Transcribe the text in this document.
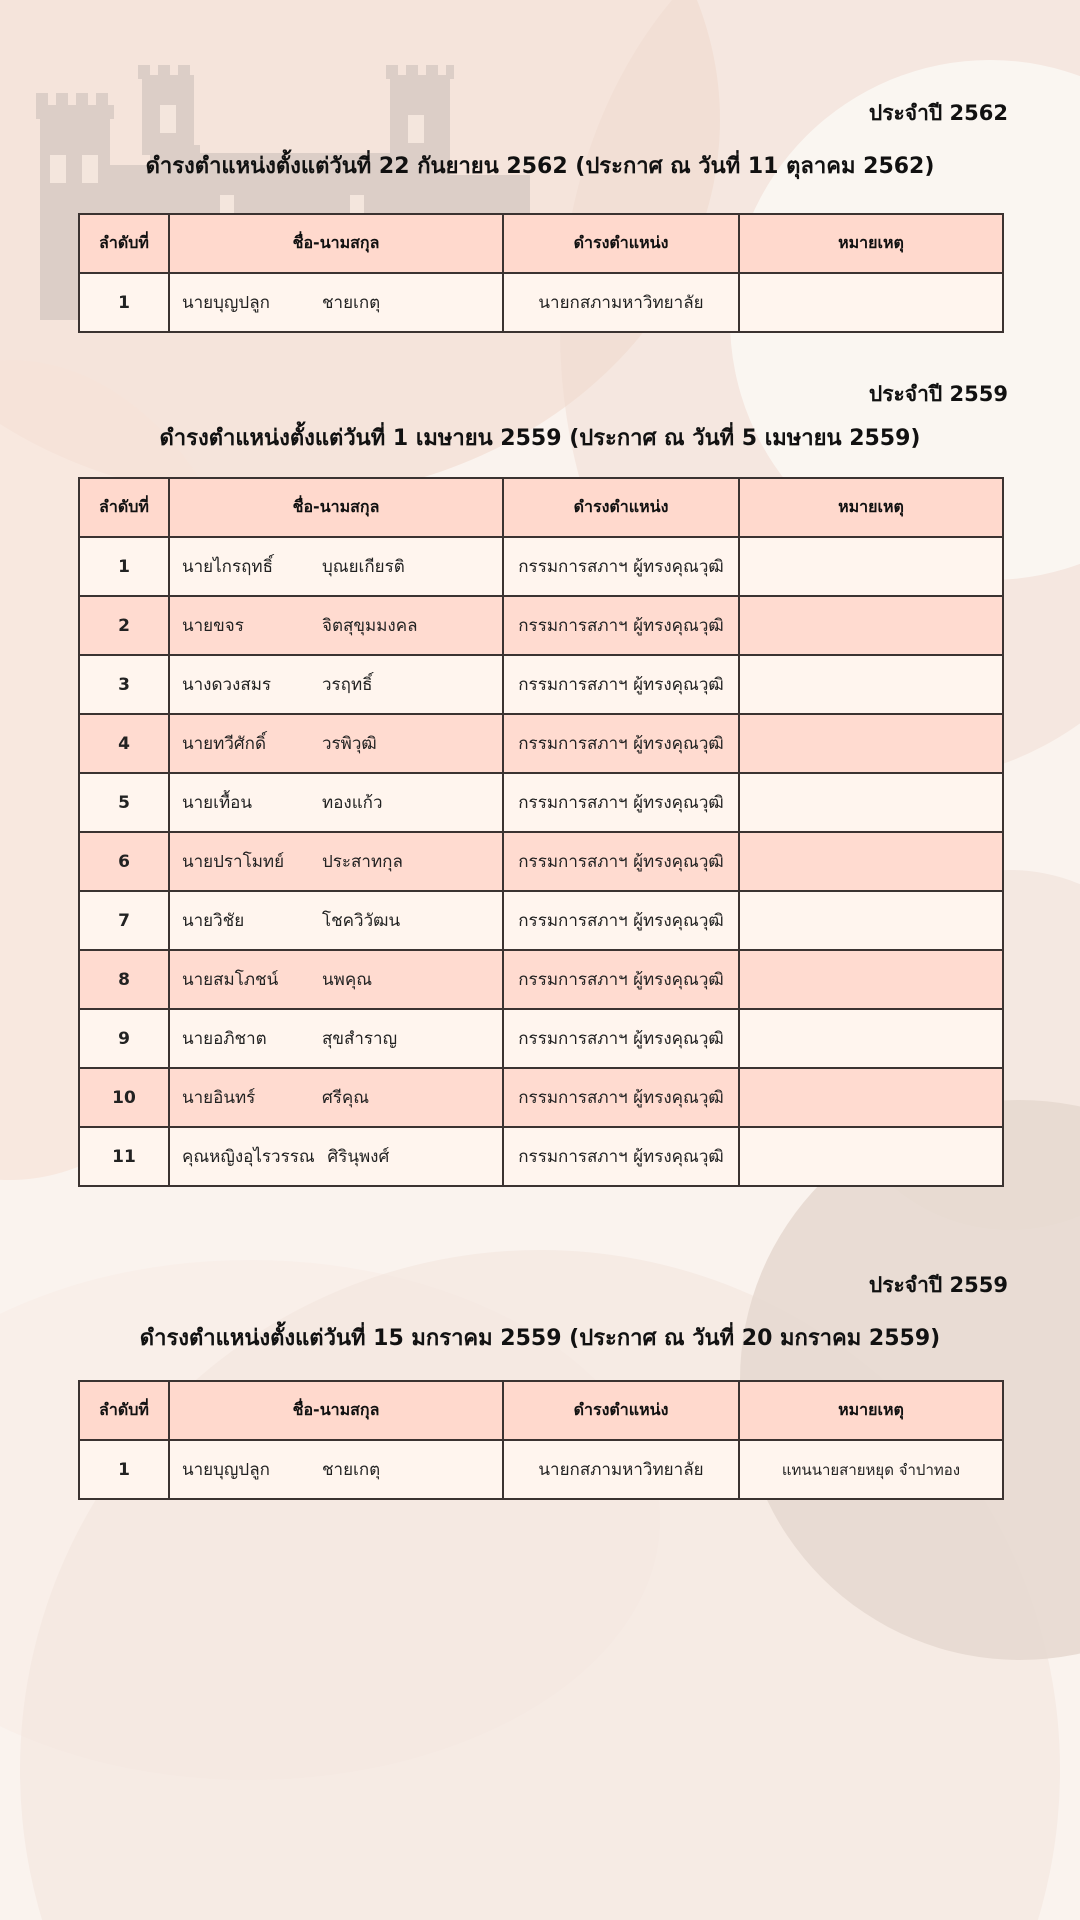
ประจำปี 2562
ดำรงตำแหน่งตั้งแต่วันที่ 22 กันยายน 2562 (ประกาศ ณ วันที่ 11 ตุลาคม 2562)
ลำดับที่	ชื่อ-นามสกุล	ดำรงตำแหน่ง	หมายเหตุ
1	นายบุญปลูก ชายเกตุ	นายกสภามหาวิทยาลัย	
ประจำปี 2559
ดำรงตำแหน่งตั้งแต่วันที่ 1 เมษายน 2559 (ประกาศ ณ วันที่ 5 เมษายน 2559)
ลำดับที่	ชื่อ-นามสกุล	ดำรงตำแหน่ง	หมายเหตุ
1	นายไกรฤทธิ์ บุณยเกียรติ	กรรมการสภาฯ ผู้ทรงคุณวุฒิ	
2	นายขจร จิตสุขุมมงคล	กรรมการสภาฯ ผู้ทรงคุณวุฒิ	
3	นางดวงสมร วรฤทธิ์	กรรมการสภาฯ ผู้ทรงคุณวุฒิ	
4	นายทวีศักดิ์ วรพิวุฒิ	กรรมการสภาฯ ผู้ทรงคุณวุฒิ	
5	นายเทื้อน ทองแก้ว	กรรมการสภาฯ ผู้ทรงคุณวุฒิ	
6	นายปราโมทย์ ประสาทกุล	กรรมการสภาฯ ผู้ทรงคุณวุฒิ	
7	นายวิชัย โชควิวัฒน	กรรมการสภาฯ ผู้ทรงคุณวุฒิ	
8	นายสมโภชน์ นพคุณ	กรรมการสภาฯ ผู้ทรงคุณวุฒิ	
9	นายอภิชาต สุขสำราญ	กรรมการสภาฯ ผู้ทรงคุณวุฒิ	
10	นายอินทร์ ศรีคุณ	กรรมการสภาฯ ผู้ทรงคุณวุฒิ	
11	คุณหญิงอุไรวรรณ ศิรินุพงศ์	กรรมการสภาฯ ผู้ทรงคุณวุฒิ	
ประจำปี 2559
ดำรงตำแหน่งตั้งแต่วันที่ 15 มกราคม 2559 (ประกาศ ณ วันที่ 20 มกราคม 2559)
ลำดับที่	ชื่อ-นามสกุล	ดำรงตำแหน่ง	หมายเหตุ
1	นายบุญปลูก ชายเกตุ	นายกสภามหาวิทยาลัย	แทนนายสายหยุด จำปาทอง
